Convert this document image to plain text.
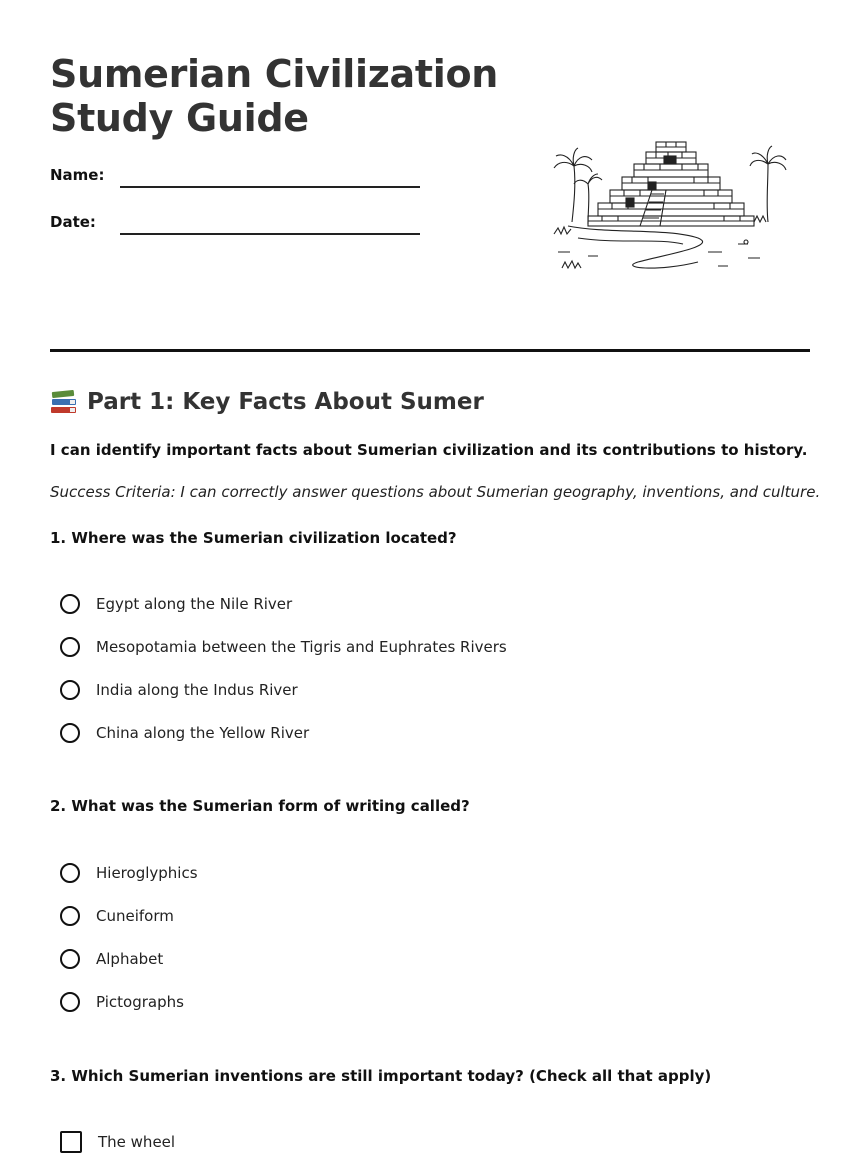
Sumerian Civilization
Study Guide
Name:
Date:
Part 1: Key Facts About Sumer
I can identify important facts about Sumerian civilization and its contributions to history.
Success Criteria: I can correctly answer questions about Sumerian geography, inventions, and culture.
1. Where was the Sumerian civilization located?
Egypt along the Nile River
Mesopotamia between the Tigris and Euphrates Rivers
India along the Indus River
China along the Yellow River
2. What was the Sumerian form of writing called?
Hieroglyphics
Cuneiform
Alphabet
Pictographs
3. Which Sumerian inventions are still important today? (Check all that apply)
The wheel
